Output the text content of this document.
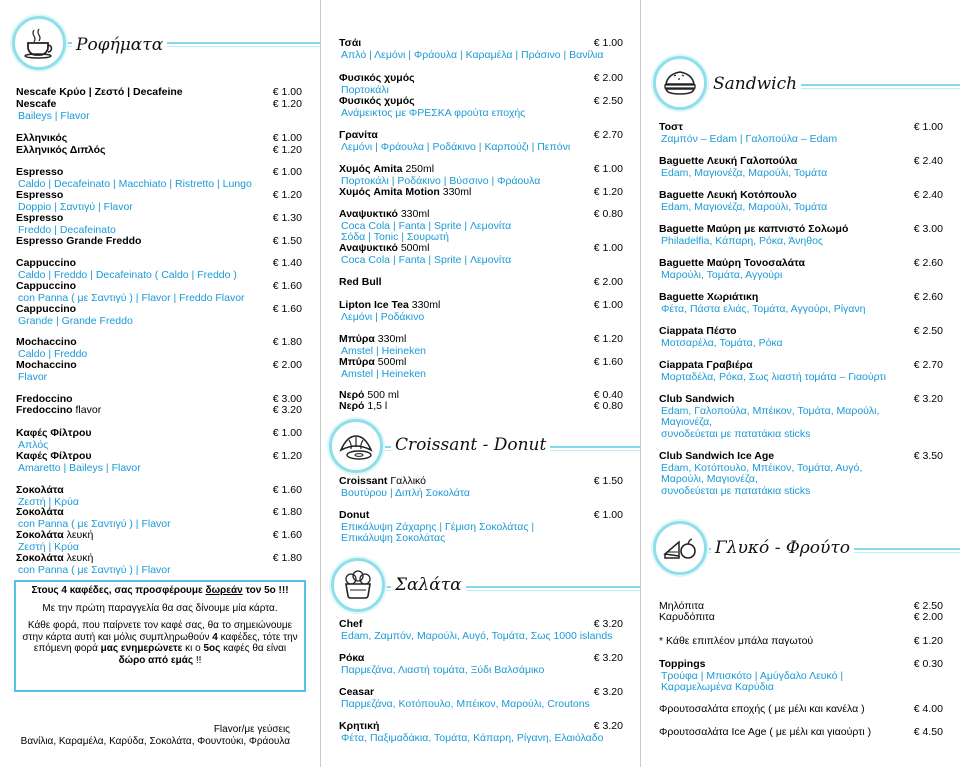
Ροφήματα
Nescafe Κρύο | Ζεστό | Decafeine	€ 1.00
Nescafe	€ 1.20
Baileys | Flavor
Ελληνικός	€ 1.00
Ελληνικός Διπλός	€ 1.20
Espresso	€ 1.00
Caldo | Decafeinato | Macchiato | Ristretto | Lungo
Espresso	€ 1.20
Doppio | Σαντιγύ | Flavor
Espresso	€ 1.30
Freddo | Decafeinato
Espresso Grande Freddo	€ 1.50
Cappuccino	€ 1.40
Caldo | Freddo | Decafeinato ( Caldo | Freddo )
Cappuccino	€ 1.60
con Panna ( με Σαντιγύ ) | Flavor | Freddo Flavor
Cappuccino	€ 1.60
Grande | Grande Freddo
Mochaccino	€ 1.80
Caldo | Freddo
Mochaccino	€ 2.00
Flavor
Fredoccino	€ 3.00
Fredoccino flavor	€ 3.20
Καφές Φίλτρου	€ 1.00
Απλός
Καφές Φίλτρου	€ 1.20
Amaretto | Baileys | Flavor
Σοκολάτα	€ 1.60
Ζεστή | Κρύα
Σοκολάτα	€ 1.80
con Panna ( με Σαντιγύ ) | Flavor
Σοκολάτα λευκή	€ 1.60
Ζεστή | Κρύα
Σοκολάτα λευκή	€ 1.80
con Panna ( με Σαντιγύ ) | Flavor
Στους 4 καφέδες, σας προσφέρουμε δωρεάν τον 5ο !!!
Με την πρώτη παραγγελία θα σας δίνουμε μία κάρτα.
Κάθε φορά, που παίρνετε τον καφέ σας, θα το σημειώνουμε στην κάρτα αυτή και μόλις συμπληρωθούν 4 καφέδες, τότε την επόμενη φορά μας ενημερώνετε κι ο 5ος καφές θα είναι δώρο από εμάς !!
Flavor/με γεύσεις
Βανίλια, Καραμέλα, Καρύδα, Σοκολάτα, Φουντούκι, Φράουλα
Τσάι	€ 1.00
Απλό | Λεμόνι | Φράουλα | Καραμέλα | Πράσινο | Βανίλια
Φυσικός χυμός	€ 2.00
Πορτοκάλι
Φυσικός χυμός	€ 2.50
Ανάμεικτος με ΦΡΕΣΚΑ φρούτα εποχής
Γρανίτα	€ 2.70
Λεμόνι | Φράουλα | Ροδάκινο | Καρπούζι | Πεπόνι
Χυμός Amita 250ml	€ 1.00
Πορτοκάλι | Ροδάκινο | Βύσσινο | Φράουλα
Χυμός Amita Motion 330ml	€ 1.20
Αναψυκτικό 330ml	€ 0.80
Coca Cola | Fanta | Sprite | Λεμονίτα
Σόδα | Tonic | Σουρωτή
Αναψυκτικό 500ml	€ 1.00
Coca Cola | Fanta | Sprite | Λεμονίτα
Red Bull	€ 2.00
Lipton Ice Tea 330ml	€ 1.00
Λεμόνι | Ροδάκινο
Μπύρα 330ml	€ 1.20
Amstel | Heineken
Μπύρα 500ml	€ 1.60
Amstel | Heineken
Νερό 500 ml	€ 0.40
Νερό 1,5 l	€ 0.80
Croissant Γαλλικό	€ 1.50
Βουτύρου | Διπλή Σοκολάτα
Donut	€ 1.00
Επικάλυψη Ζάχαρης | Γέμιση Σοκολάτας |
Επικάλυψη Σοκολάτας
Chef	€ 3.20
Edam, Ζαμπόν, Μαρούλι, Αυγό, Τομάτα, Σως 1000 islands
Ρόκα	€ 3.20
Παρμεζάνα, Λιαστή τομάτα, Ξύδι Βαλσάμικο
Ceasar	€ 3.20
Παρμεζάνα, Κοτόπουλο, Μπέικον, Μαρούλι, Croutons
Κρητική	€ 3.20
Φέτα, Παξιμαδάκια, Τομάτα, Κάπαρη, Ρίγανη, Ελαιόλαδο
Croissant - Donut
Σαλάτα
Sandwich
Γλυκό - Φρούτο
Τοστ	€ 1.00
Ζαμπόν – Edam | Γαλοπούλα – Edam
Baguette Λευκή Γαλοπούλα	€ 2.40
Edam, Μαγιονέζα, Μαρούλι, Τομάτα
Baguette Λευκή Κοτόπουλο	€ 2.40
Edam, Μαγιονέζα, Μαρούλι, Τομάτα
Baguette Μαύρη με καπνιστό Σολωμό	€ 3.00
Philadelfia, Κάπαρη, Ρόκα, Άνηθος
Baguette Μαύρη Τονοσαλάτα	€ 2.60
Μαρούλι, Τομάτα, Αγγούρι
Baguette Χωριάτικη	€ 2.60
Φέτα, Πάστα ελιάς, Τομάτα, Αγγούρι, Ρίγανη
Ciappata Πέστο	€ 2.50
Μοτσαρέλα, Τομάτα, Ρόκα
Ciappata Γραβιέρα	€ 2.70
Μορταδέλα, Ρόκα, Σως λιαστή τομάτα – Γιαούρτι
Club Sandwich	€ 3.20
Edam, Γαλοπούλα, Μπέικον, Τομάτα, Μαρούλι,
Μαγιονέζα,
συνοδεύεται με πατατάκια sticks
Club Sandwich Ice Age	€ 3.50
Edam, Κοτόπουλο, Μπέικον, Τομάτα, Αυγό,
Μαρούλι, Μαγιονέζα,
συνοδεύεται με πατατάκια sticks
Μηλόπιτα	€ 2.50
Καρυδόπιτα	€ 2.00
* Κάθε επιπλέον μπάλα παγωτού	€ 1.20
Toppings	€ 0.30
Τρούφα | Μπισκότο | Αμύγδαλο Λευκό |
Καραμελωμένα Καρύδια
Φρουτοσαλάτα εποχής ( με μέλι και κανέλα )	€ 4.00
Φρουτοσαλάτα Ice Age ( με μέλι και γιαούρτι )	€ 4.50
